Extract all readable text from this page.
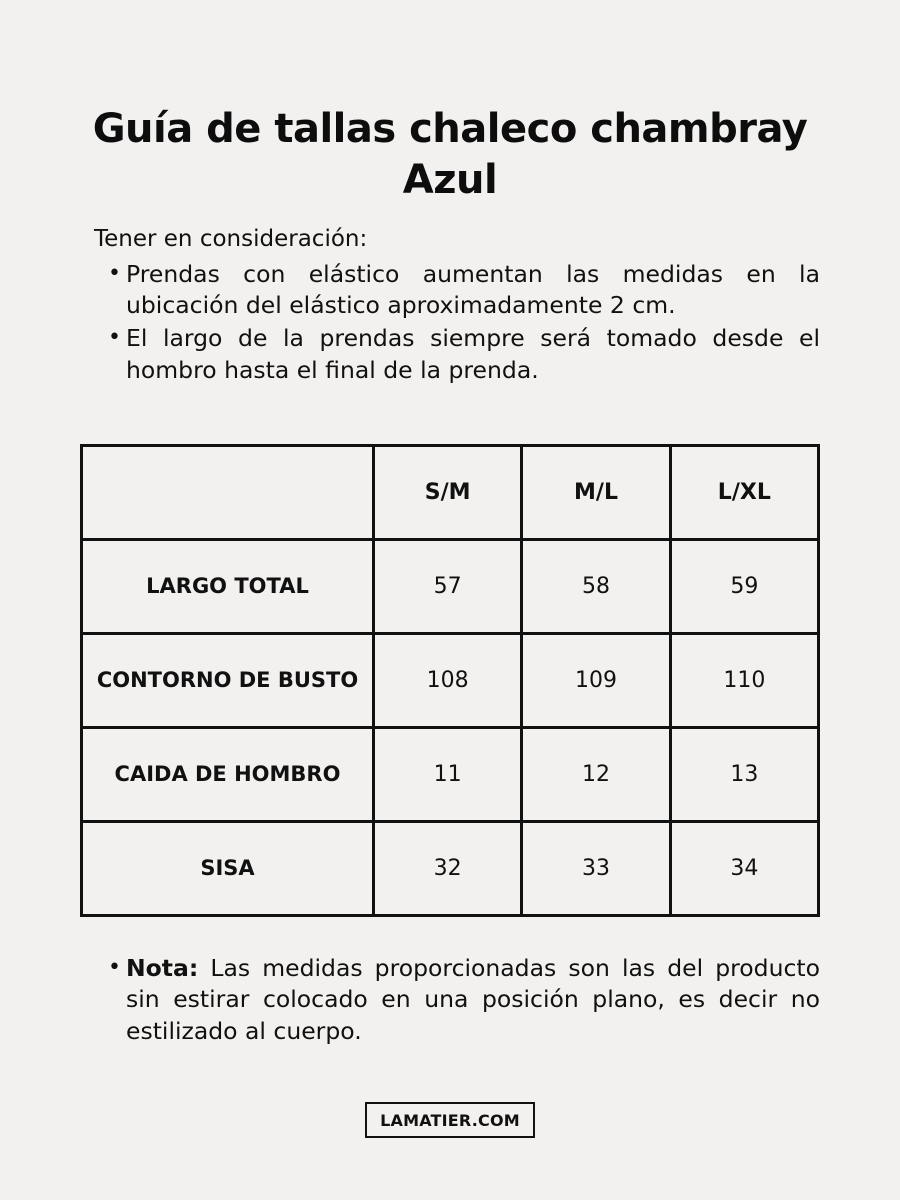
Guía de tallas chaleco chambray Azul
Tener en consideración:
• Prendas con elástico aumentan las medidas en la ubicación del elástico aproximadamente 2 cm.
• El largo de la prendas siempre será tomado desde el hombro hasta el final de la prenda.
	S/M	M/L	L/XL
LARGO TOTAL	57	58	59
CONTORNO DE BUSTO	108	109	110
CAIDA DE HOMBRO	11	12	13
SISA	32	33	34
• Nota: Las medidas proporcionadas son las del producto sin estirar colocado en una posición plano, es decir no estilizado al cuerpo.
LAMATIER.COM
